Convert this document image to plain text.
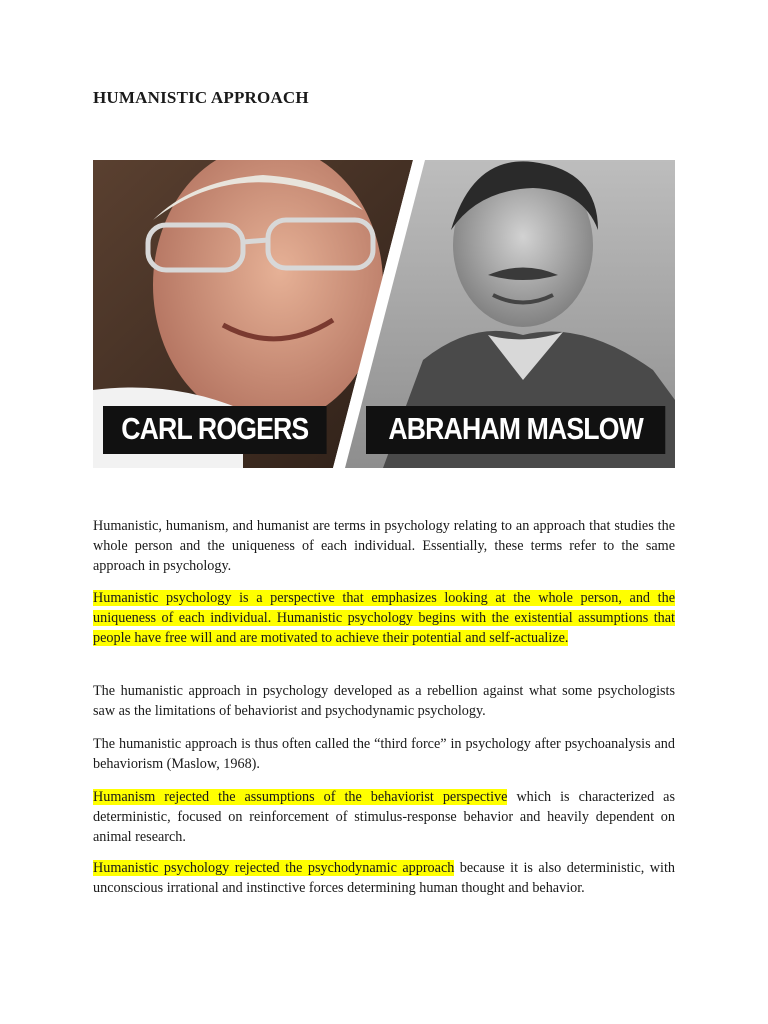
HUMANISTIC APPROACH
CARL ROGERS	ABRAHAM MASLOW

Humanistic, humanism, and humanist are terms in psychology relating to an approach that studies the whole person and the uniqueness of each individual. Essentially, these terms refer to the same approach in psychology.

Humanistic psychology is a perspective that emphasizes looking at the whole person, and the uniqueness of each individual. Humanistic psychology begins with the existential assumptions that people have free will and are motivated to achieve their potential and self-actualize.

The humanistic approach in psychology developed as a rebellion against what some psychologists saw as the limitations of behaviorist and psychodynamic psychology.

The humanistic approach is thus often called the “third force” in psychology after psychoanalysis and behaviorism (Maslow, 1968).

Humanism rejected the assumptions of the behaviorist perspective which is characterized as deterministic, focused on reinforcement of stimulus-response behavior and heavily dependent on animal research.

Humanistic psychology rejected the psychodynamic approach because it is also deterministic, with unconscious irrational and instinctive forces determining human thought and behavior.
